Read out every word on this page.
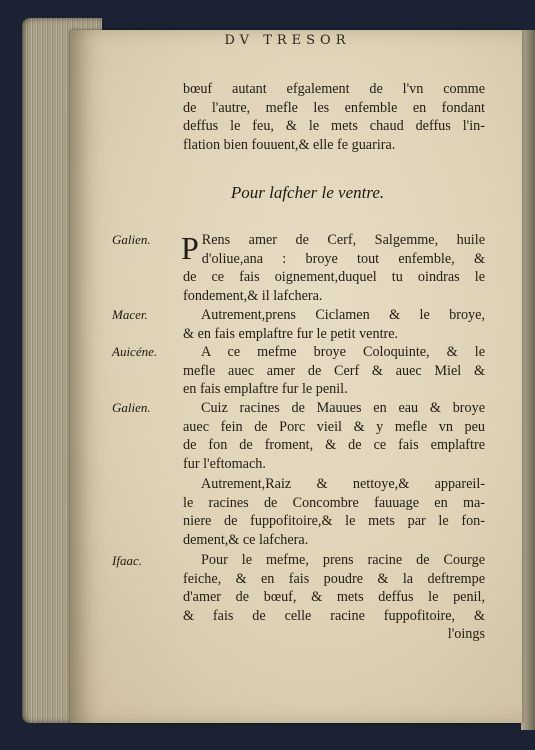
DV TRESOR
bœuf autant efgalement de l'vn comme
de l'autre, mefle les enfemble en fondant
deffus le feu, & le mets chaud deffus l'in-
flation bien fouuent,& elle fe guarira.
Pour lafcher le ventre.
Galien.
Macer.
Auicéne.
Galien.
Ifaac.
P Rens amer de Cerf, Salgemme, huile
d'oliue,ana : broye tout enfemble, &
de ce fais oignement,duquel tu oindras le
fondement,& il lafchera.
Autrement,prens Ciclamen & le broye,
& en fais emplaftre fur le petit ventre.
A ce mefme broye Coloquinte, & le
mefle auec amer de Cerf & auec Miel &
en fais emplaftre fur le penil.
Cuiz racines de Mauues en eau & broye
auec fein de Porc vieil & y mefle vn peu
de fon de froment, & de ce fais emplaftre
fur l'eftomach.
Autrement,Raiz & nettoye,& appareil-
le racines de Concombre fauuage en ma-
niere de fuppofitoire,& le mets par le fon-
dement,& ce lafchera.
Pour le mefme, prens racine de Courge
feiche, & en fais poudre & la deftrempe
d'amer de bœuf, & mets deffus le penil,
& fais de celle racine fuppofitoire, &
l'oings
